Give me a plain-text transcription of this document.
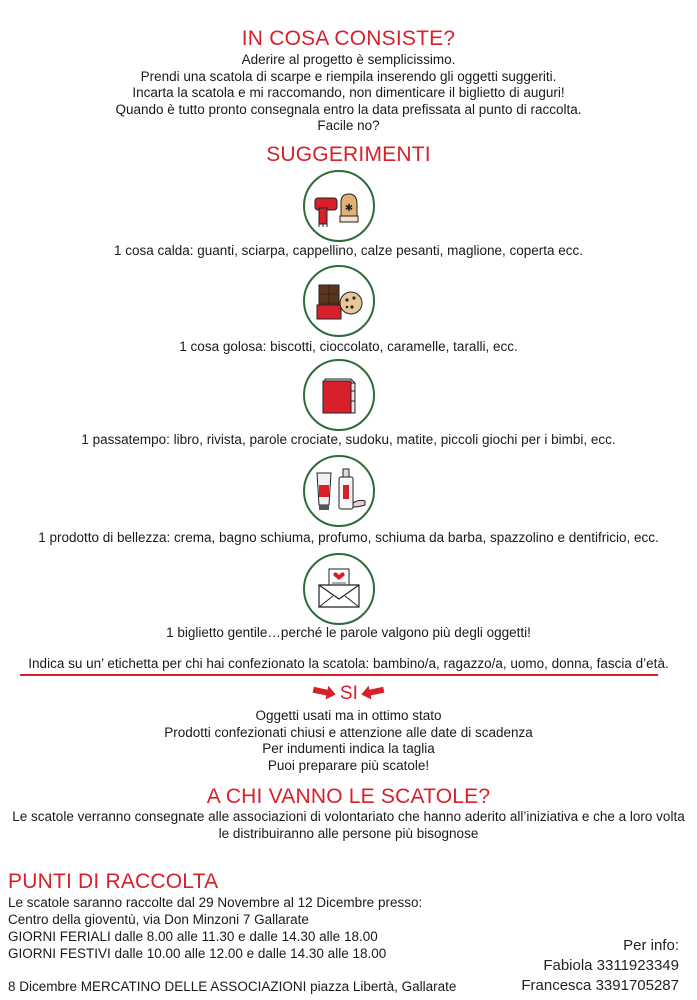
IN COSA CONSISTE?
Aderire al progetto è semplicissimo.
Prendi una scatola di scarpe e riempila inserendo gli oggetti suggeriti.
Incarta la scatola e mi raccomando, non dimenticare il biglietto di auguri!
Quando è tutto pronto consegnala entro la data prefissata al punto di raccolta.
Facile no?
SUGGERIMENTI
✱
1 cosa calda: guanti, sciarpa, cappellino, calze pesanti, maglione, coperta ecc.
1 cosa golosa: biscotti, cioccolato, caramelle, taralli, ecc.
1 passatempo: libro, rivista, parole crociate, sudoku, matite, piccoli giochi per i bimbi, ecc.
1 prodotto di bellezza: crema, bagno schiuma, profumo, schiuma da barba, spazzolino e dentifricio, ecc.
1 biglietto gentile…perché le parole valgono più degli oggetti!
Indica su un’ etichetta per chi hai confezionato la scatola: bambino/a, ragazzo/a, uomo, donna, fascia d’età.
SI
Oggetti usati ma in ottimo stato
Prodotti confezionati chiusi e attenzione alle date di scadenza
Per indumenti indica la taglia
Puoi preparare più scatole!
A CHI VANNO LE SCATOLE?
Le scatole verranno consegnate alle associazioni di volontariato che hanno aderito all’iniziativa e che a loro volta
le distribuiranno alle persone più bisognose
PUNTI DI RACCOLTA
Le scatole saranno raccolte dal 29 Novembre al 12 Dicembre presso:
Centro della gioventù, via Don Minzoni 7 Gallarate
GIORNI FERIALI dalle 8.00 alle 11.30 e dalle 14.30 alle 18.00
GIORNI FESTIVI dalle 10.00 alle 12.00 e dalle 14.30 alle 18.00
8 Dicembre MERCATINO DELLE ASSOCIAZIONI piazza Libertà, Gallarate
Per info:
Fabiola 3311923349
Francesca 3391705287
